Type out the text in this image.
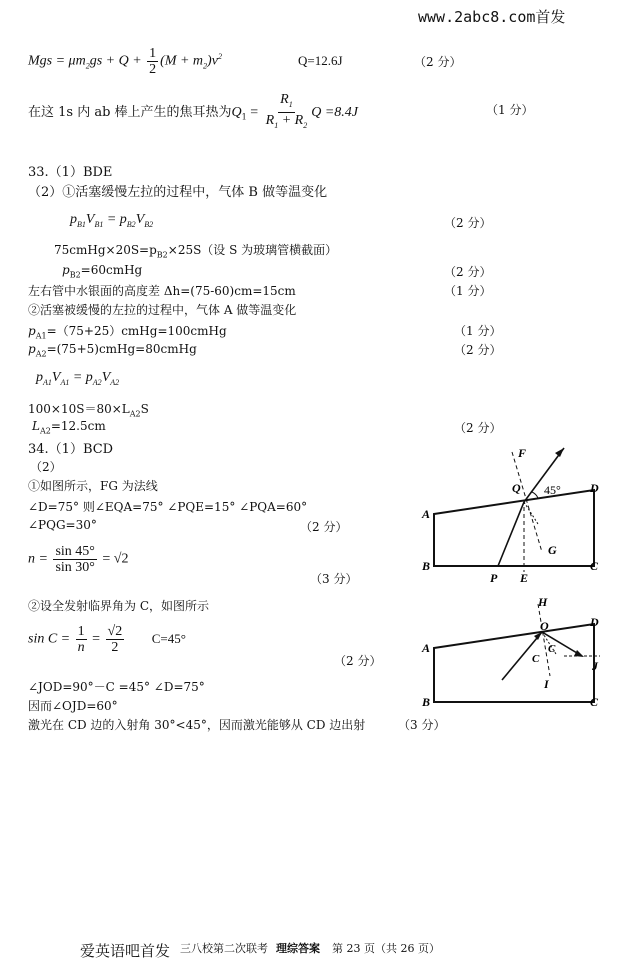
www.2abc8.com首发
Mgs = $\mu m_2gs + Q + \frac{1}{2} (M + m_2)v^2$	Q=12.6J	（2 分）
在这 1s 内 ab 棒上产生的焦耳热为$Q_1 = \frac{R_1}{R_1 + R_2}$ Q =8.4J	（1 分）
33.（1）BDE
（2）①活塞缓慢左拉的过程中，气体 B 做等温变化
$p_{B1}V_{B1} = p_{B2}V_{B2}$	（2 分）
$75cmHg\times 20S=p_{B2}\times 25S$（设 S 为玻璃管横截面）
$p_{B2}=60cmHg$	（2 分）
左右管中水银面的高度差 Δh=(75-60)cm=15cm	（1 分）
②活塞被缓慢的左拉的过程中，气体 A 做等温变化
$p_{A1}=(75+25)cmHg=100cmHg$	（1 分）
$p_{A2}=(75+5)cmHg=80cmHg$	（2 分）
$p_{A1}V_{A1} = p_{A2}V_{A2}$
$100\times 10S=80\times L_{A2}S$
$L_{A2}=12.5cm$	（2 分）
34.（1）BCD
（2）
①如图所示，FG 为法线
∠D=75° 则∠EQA=75° ∠PQE=15° ∠PQA=60°
∠PQG=30°	（2 分）
$n = \frac{\sin 45^\circ}{\sin 30^\circ} = √2$
（3 分）
②设全发射临界角为 C，如图所示
$\sin C = \frac{1}{n} = \frac{√2}{2} C=45^\circ$
（2 分）
∠JOD=90°－C =45° ∠D=75°
因而∠OJD=60°
激光在 CD 边的入射角 30°<45°，因而激光能够从 CD 边出射	（3 分）
F
Q 45° D
A
G
B
P E
C
H
O	D
A
C
C
J
I
B	C
爱英语吧首发 三八校第二次联考 理综答案 第 23 页（共 26 页）
